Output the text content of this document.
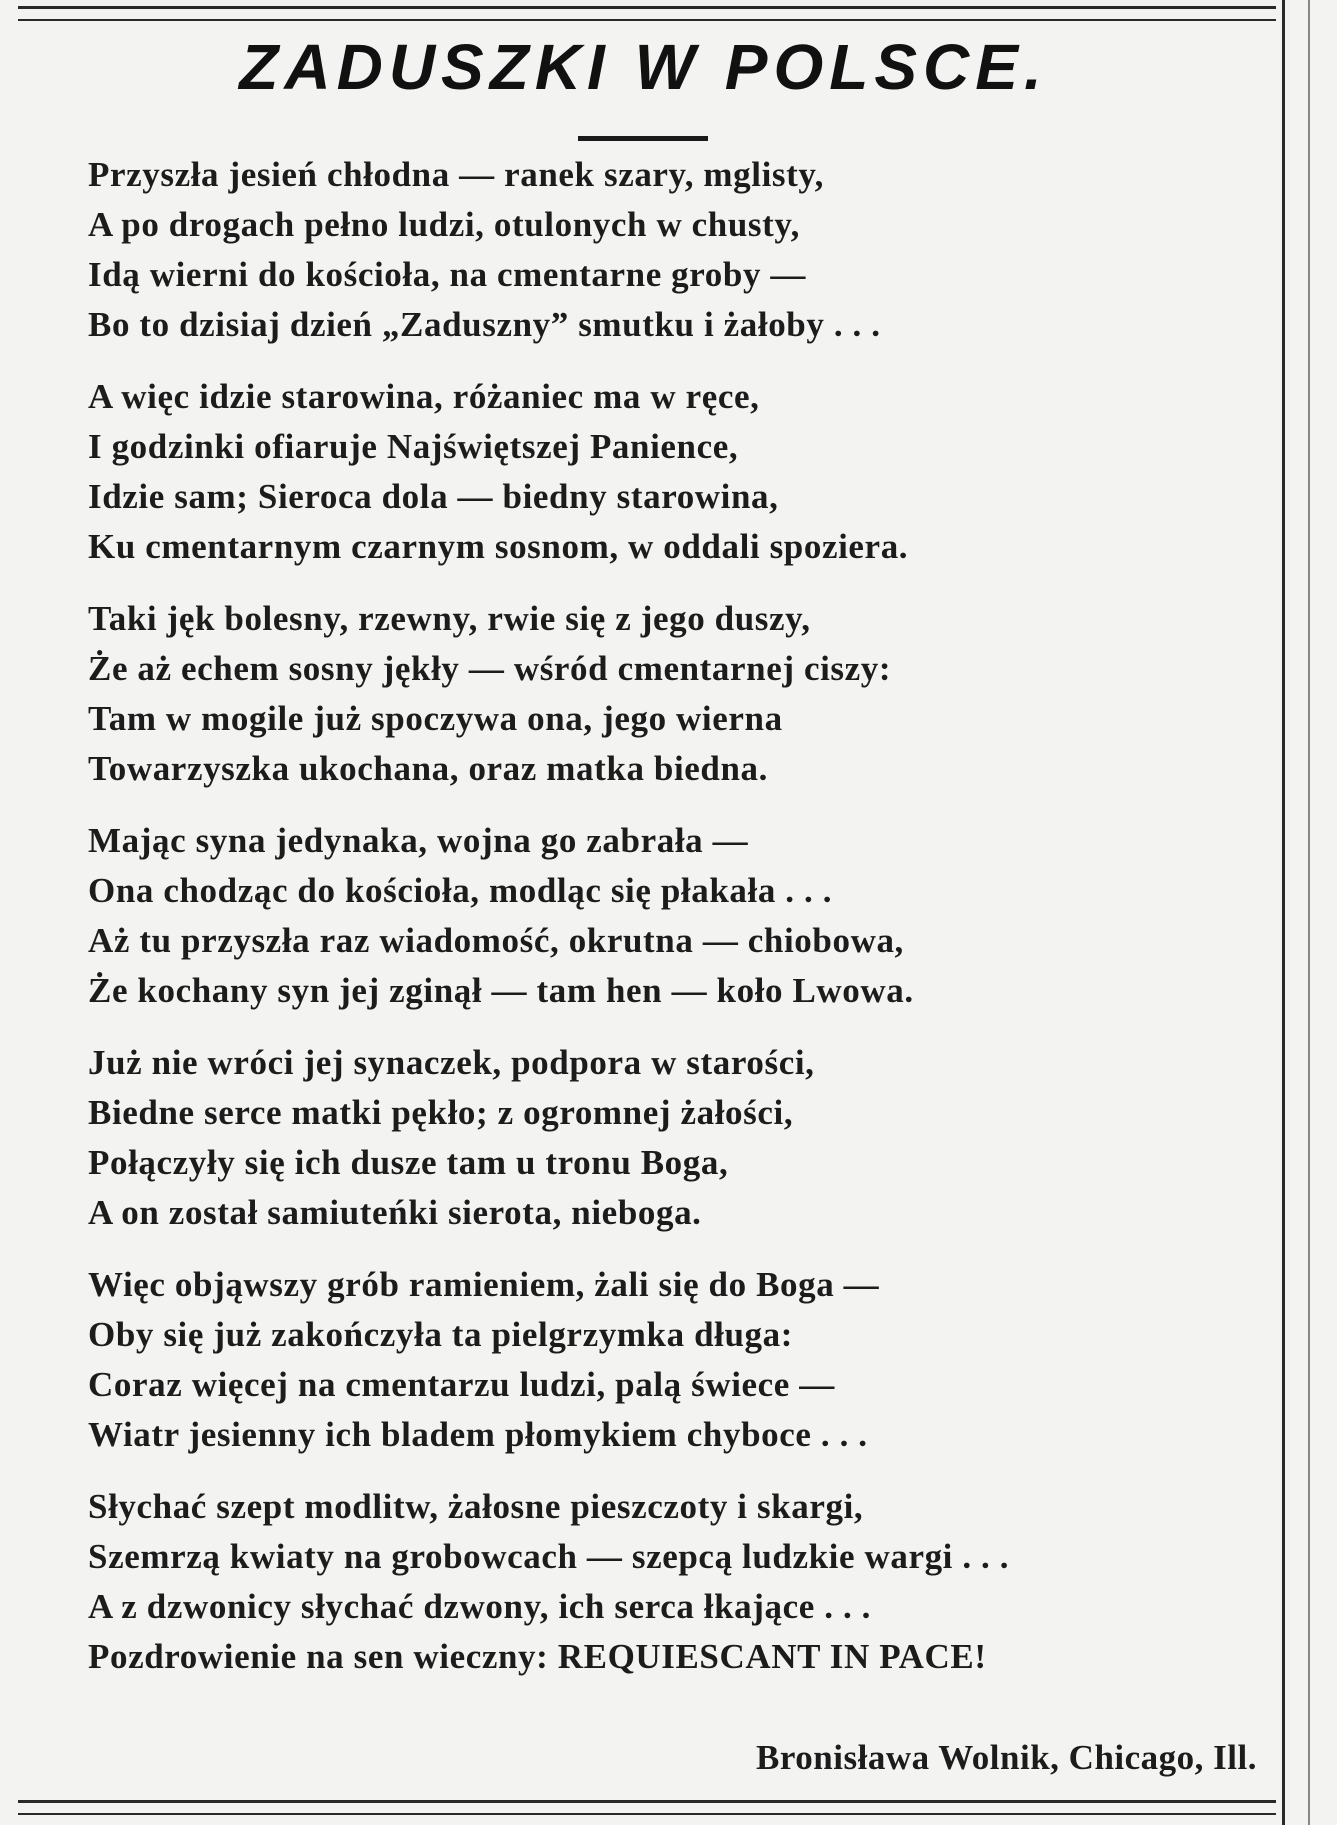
ZADUSZKI W POLSCE.
Przyszła jesień chłodna — ranek szary, mglisty,
A po drogach pełno ludzi, otulonych w chusty,
Idą wierni do kościoła, na cmentarne groby —
Bo to dzisiaj dzień „Zaduszny” smutku i żałoby . . .
A więc idzie starowina, różaniec ma w ręce,
I godzinki ofiaruje Najświętszej Panience,
Idzie sam; Sieroca dola — biedny starowina,
Ku cmentarnym czarnym sosnom, w oddali spoziera.
Taki jęk bolesny, rzewny, rwie się z jego duszy,
Że aż echem sosny jękły — wśród cmentarnej ciszy:
Tam w mogile już spoczywa ona, jego wierna
Towarzyszka ukochana, oraz matka biedna.
Mając syna jedynaka, wojna go zabrała —
Ona chodząc do kościoła, modląc się płakała . . .
Aż tu przyszła raz wiadomość, okrutna — chiobowa,
Że kochany syn jej zginął — tam hen — koło Lwowa.
Już nie wróci jej synaczek, podpora w starości,
Biedne serce matki pękło; z ogromnej żałości,
Połączyły się ich dusze tam u tronu Boga,
A on został samiuteńki sierota, nieboga.
Więc objąwszy grób ramieniem, żali się do Boga —
Oby się już zakończyła ta pielgrzymka długa:
Coraz więcej na cmentarzu ludzi, palą świece —
Wiatr jesienny ich bladem płomykiem chyboce . . .
Słychać szept modlitw, żałosne pieszczoty i skargi,
Szemrzą kwiaty na grobowcach — szepcą ludzkie wargi . . .
A z dzwonicy słychać dzwony, ich serca łkające . . .
Pozdrowienie na sen wieczny: REQUIESCANT IN PACE!
Bronisława Wolnik, Chicago, Ill.
